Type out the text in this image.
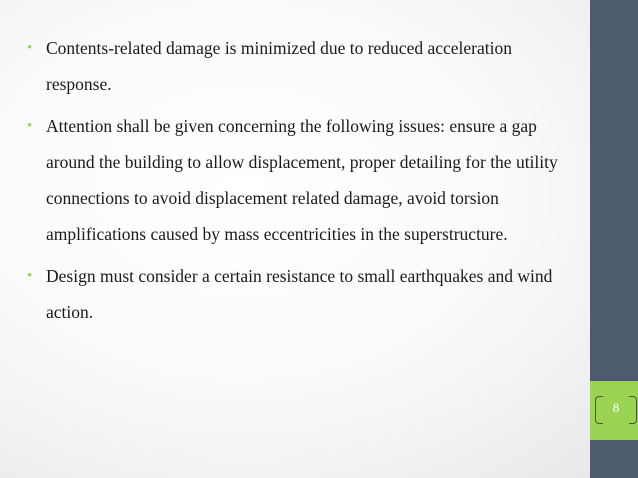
• Contents-related damage is minimized due to reduced acceleration response.
• Attention shall be given concerning the following issues: ensure a gap around the building to allow displacement, proper detailing for the utility connections to avoid displacement related damage, avoid torsion amplifications caused by mass eccentricities in the superstructure.
• Design must consider a certain resistance to small earthquakes and wind action.
8
